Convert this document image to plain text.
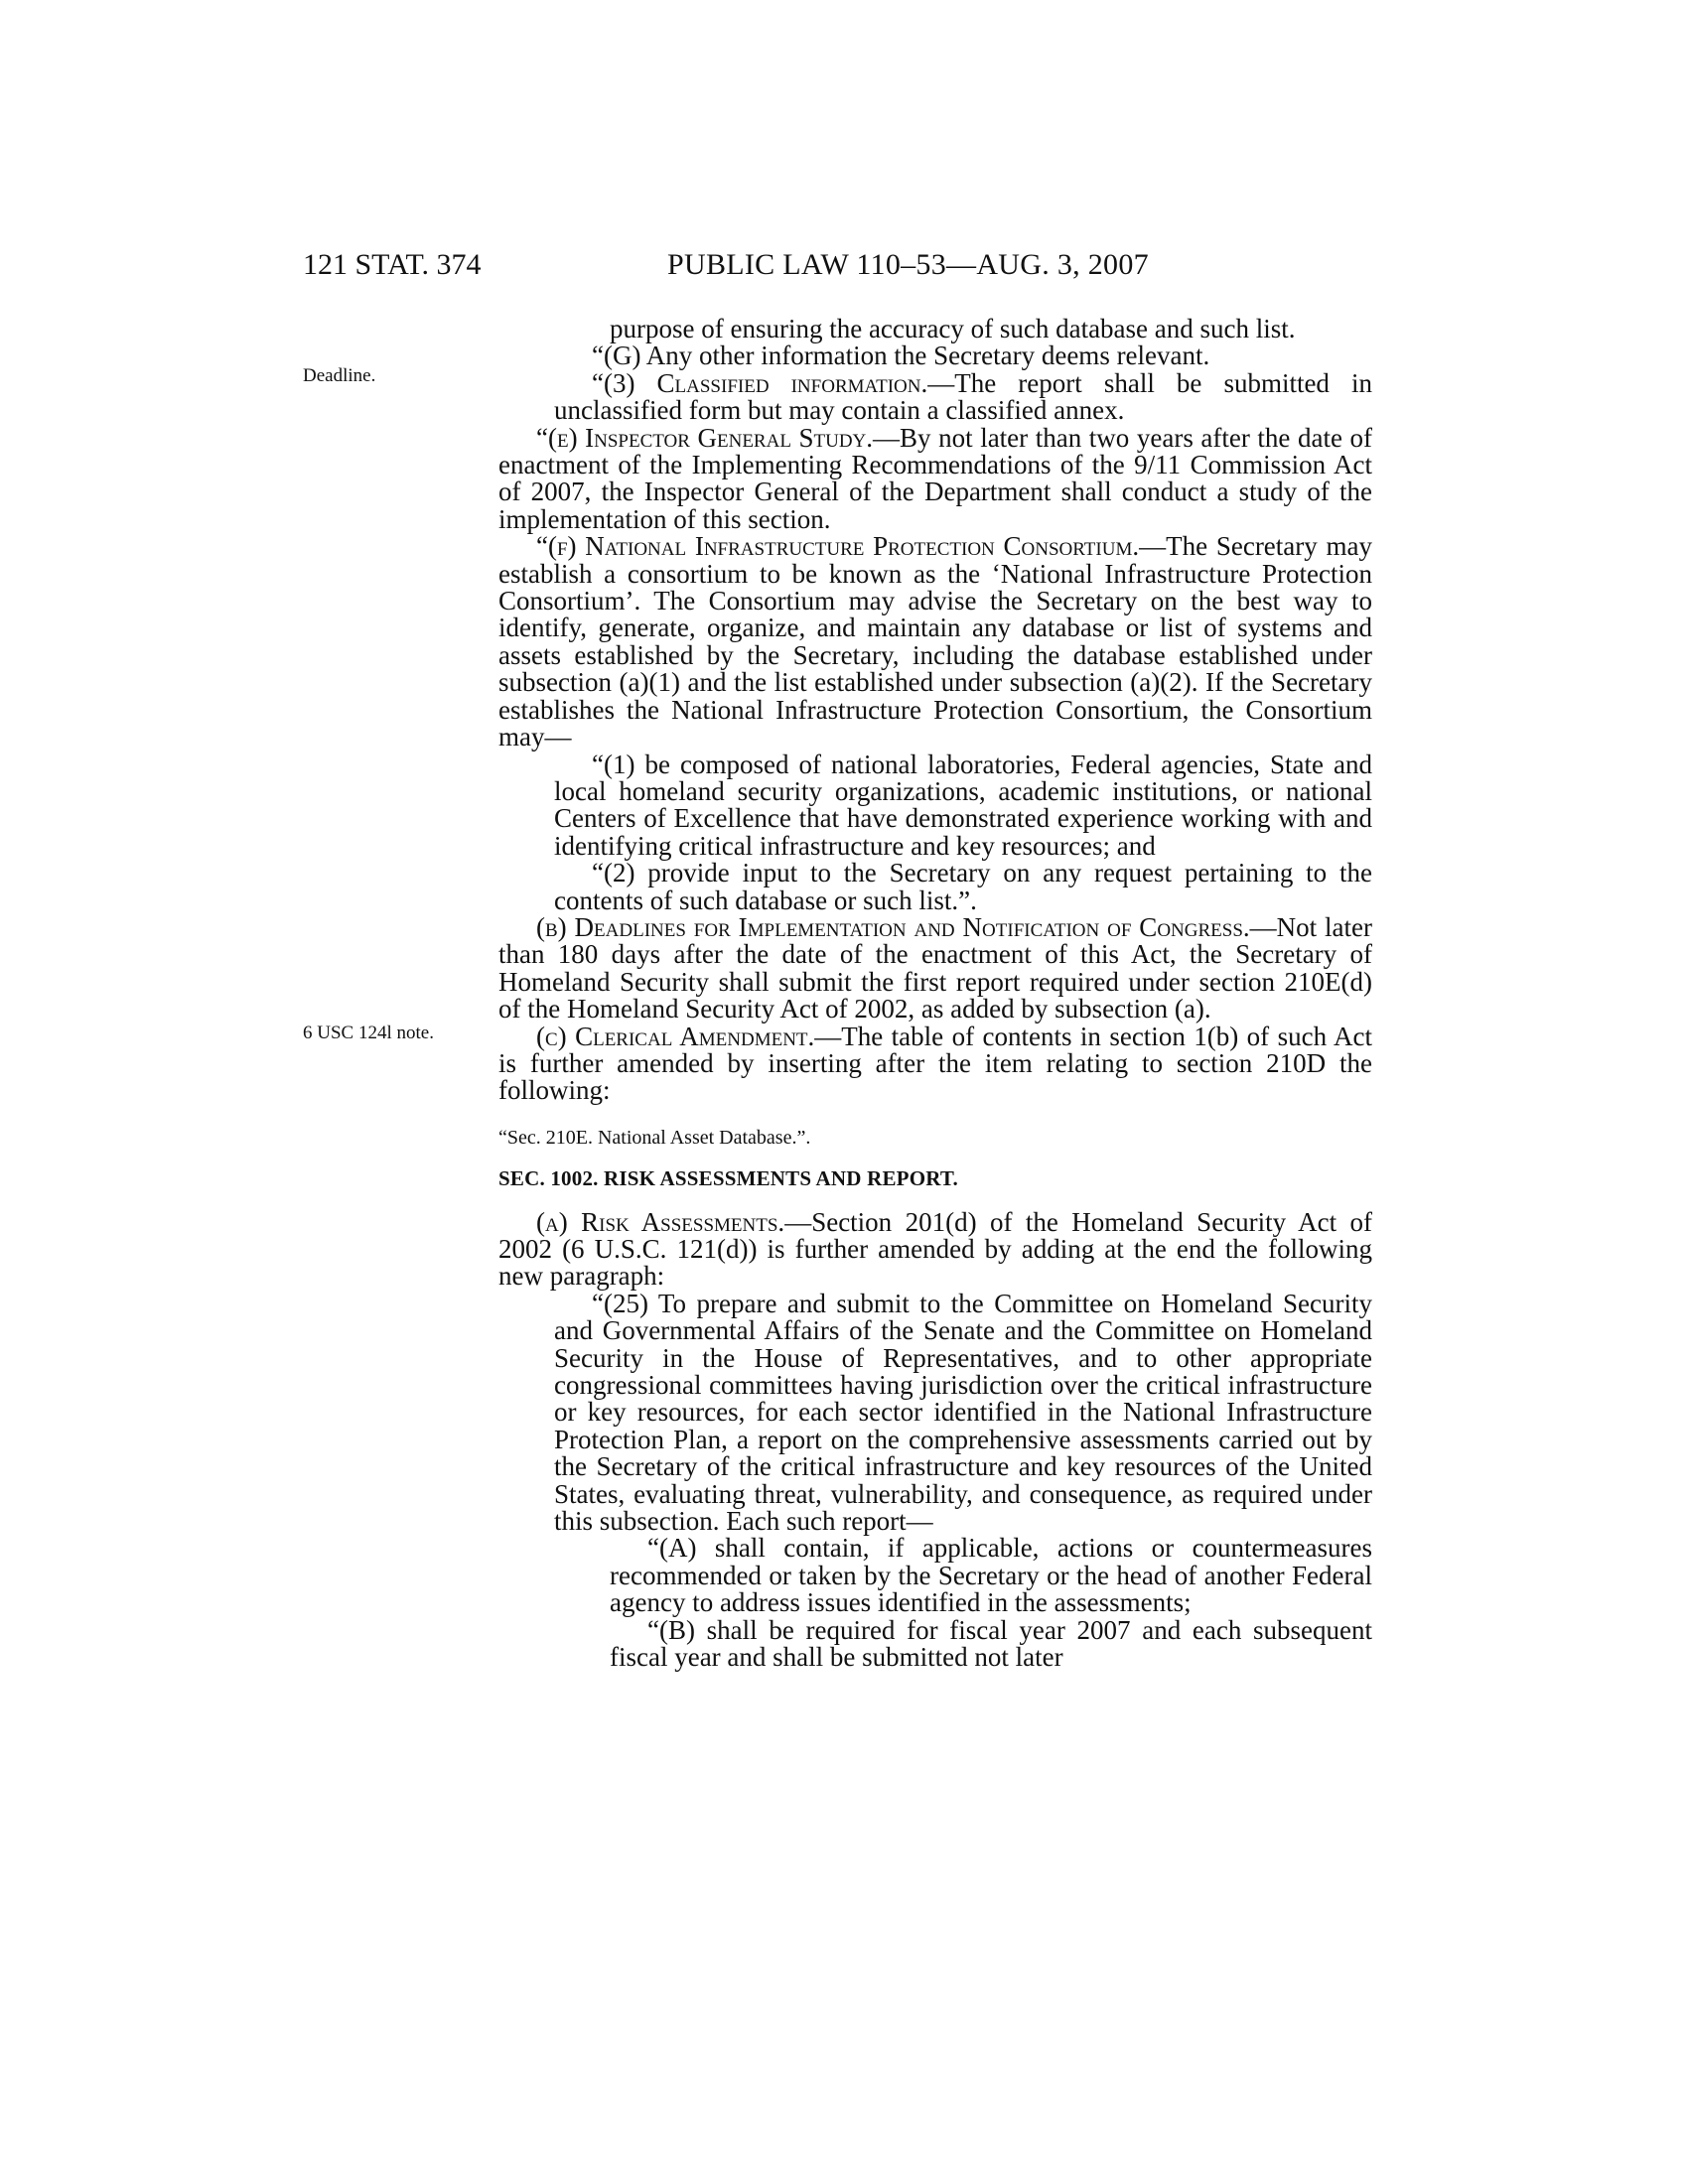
121 STAT. 374	PUBLIC LAW 110–53—AUG. 3, 2007
Deadline.
6 USC 124l note.

purpose of ensuring the accuracy of such database and such list.

“(G) Any other information the Secretary deems relevant.

“(3) Classified information.—The report shall be submitted in unclassified form but may contain a classified annex.

“(e) Inspector General Study.—By not later than two years after the date of enactment of the Implementing Recommendations of the 9/11 Commission Act of 2007, the Inspector General of the Department shall conduct a study of the implementation of this section.

“(f) National Infrastructure Protection Consortium.—The Secretary may establish a consortium to be known as the ‘National Infrastructure Protection Consortium’. The Consortium may advise the Secretary on the best way to identify, generate, organize, and maintain any database or list of systems and assets established by the Secretary, including the database established under subsection (a)(1) and the list established under subsection (a)(2). If the Secretary establishes the National Infrastructure Protection Consortium, the Consortium may—

“(1) be composed of national laboratories, Federal agencies, State and local homeland security organizations, academic institutions, or national Centers of Excellence that have demonstrated experience working with and identifying critical infrastructure and key resources; and

“(2) provide input to the Secretary on any request pertaining to the contents of such database or such list.”.

(b) Deadlines for Implementation and Notification of Congress.—Not later than 180 days after the date of the enactment of this Act, the Secretary of Homeland Security shall submit the first report required under section 210E(d) of the Homeland Security Act of 2002, as added by subsection (a).

(c) Clerical Amendment.—The table of contents in section 1(b) of such Act is further amended by inserting after the item relating to section 210D the following:

“Sec. 210E. National Asset Database.”.

SEC. 1002. RISK ASSESSMENTS AND REPORT.

(a) Risk Assessments.—Section 201(d) of the Homeland Security Act of 2002 (6 U.S.C. 121(d)) is further amended by adding at the end the following new paragraph:

“(25) To prepare and submit to the Committee on Homeland Security and Governmental Affairs of the Senate and the Committee on Homeland Security in the House of Representatives, and to other appropriate congressional committees having jurisdiction over the critical infrastructure or key resources, for each sector identified in the National Infrastructure Protection Plan, a report on the comprehensive assessments carried out by the Secretary of the critical infrastructure and key resources of the United States, evaluating threat, vulnerability, and consequence, as required under this subsection. Each such report—

“(A) shall contain, if applicable, actions or countermeasures recommended or taken by the Secretary or the head of another Federal agency to address issues identified in the assessments;

“(B) shall be required for fiscal year 2007 and each subsequent fiscal year and shall be submitted not later
